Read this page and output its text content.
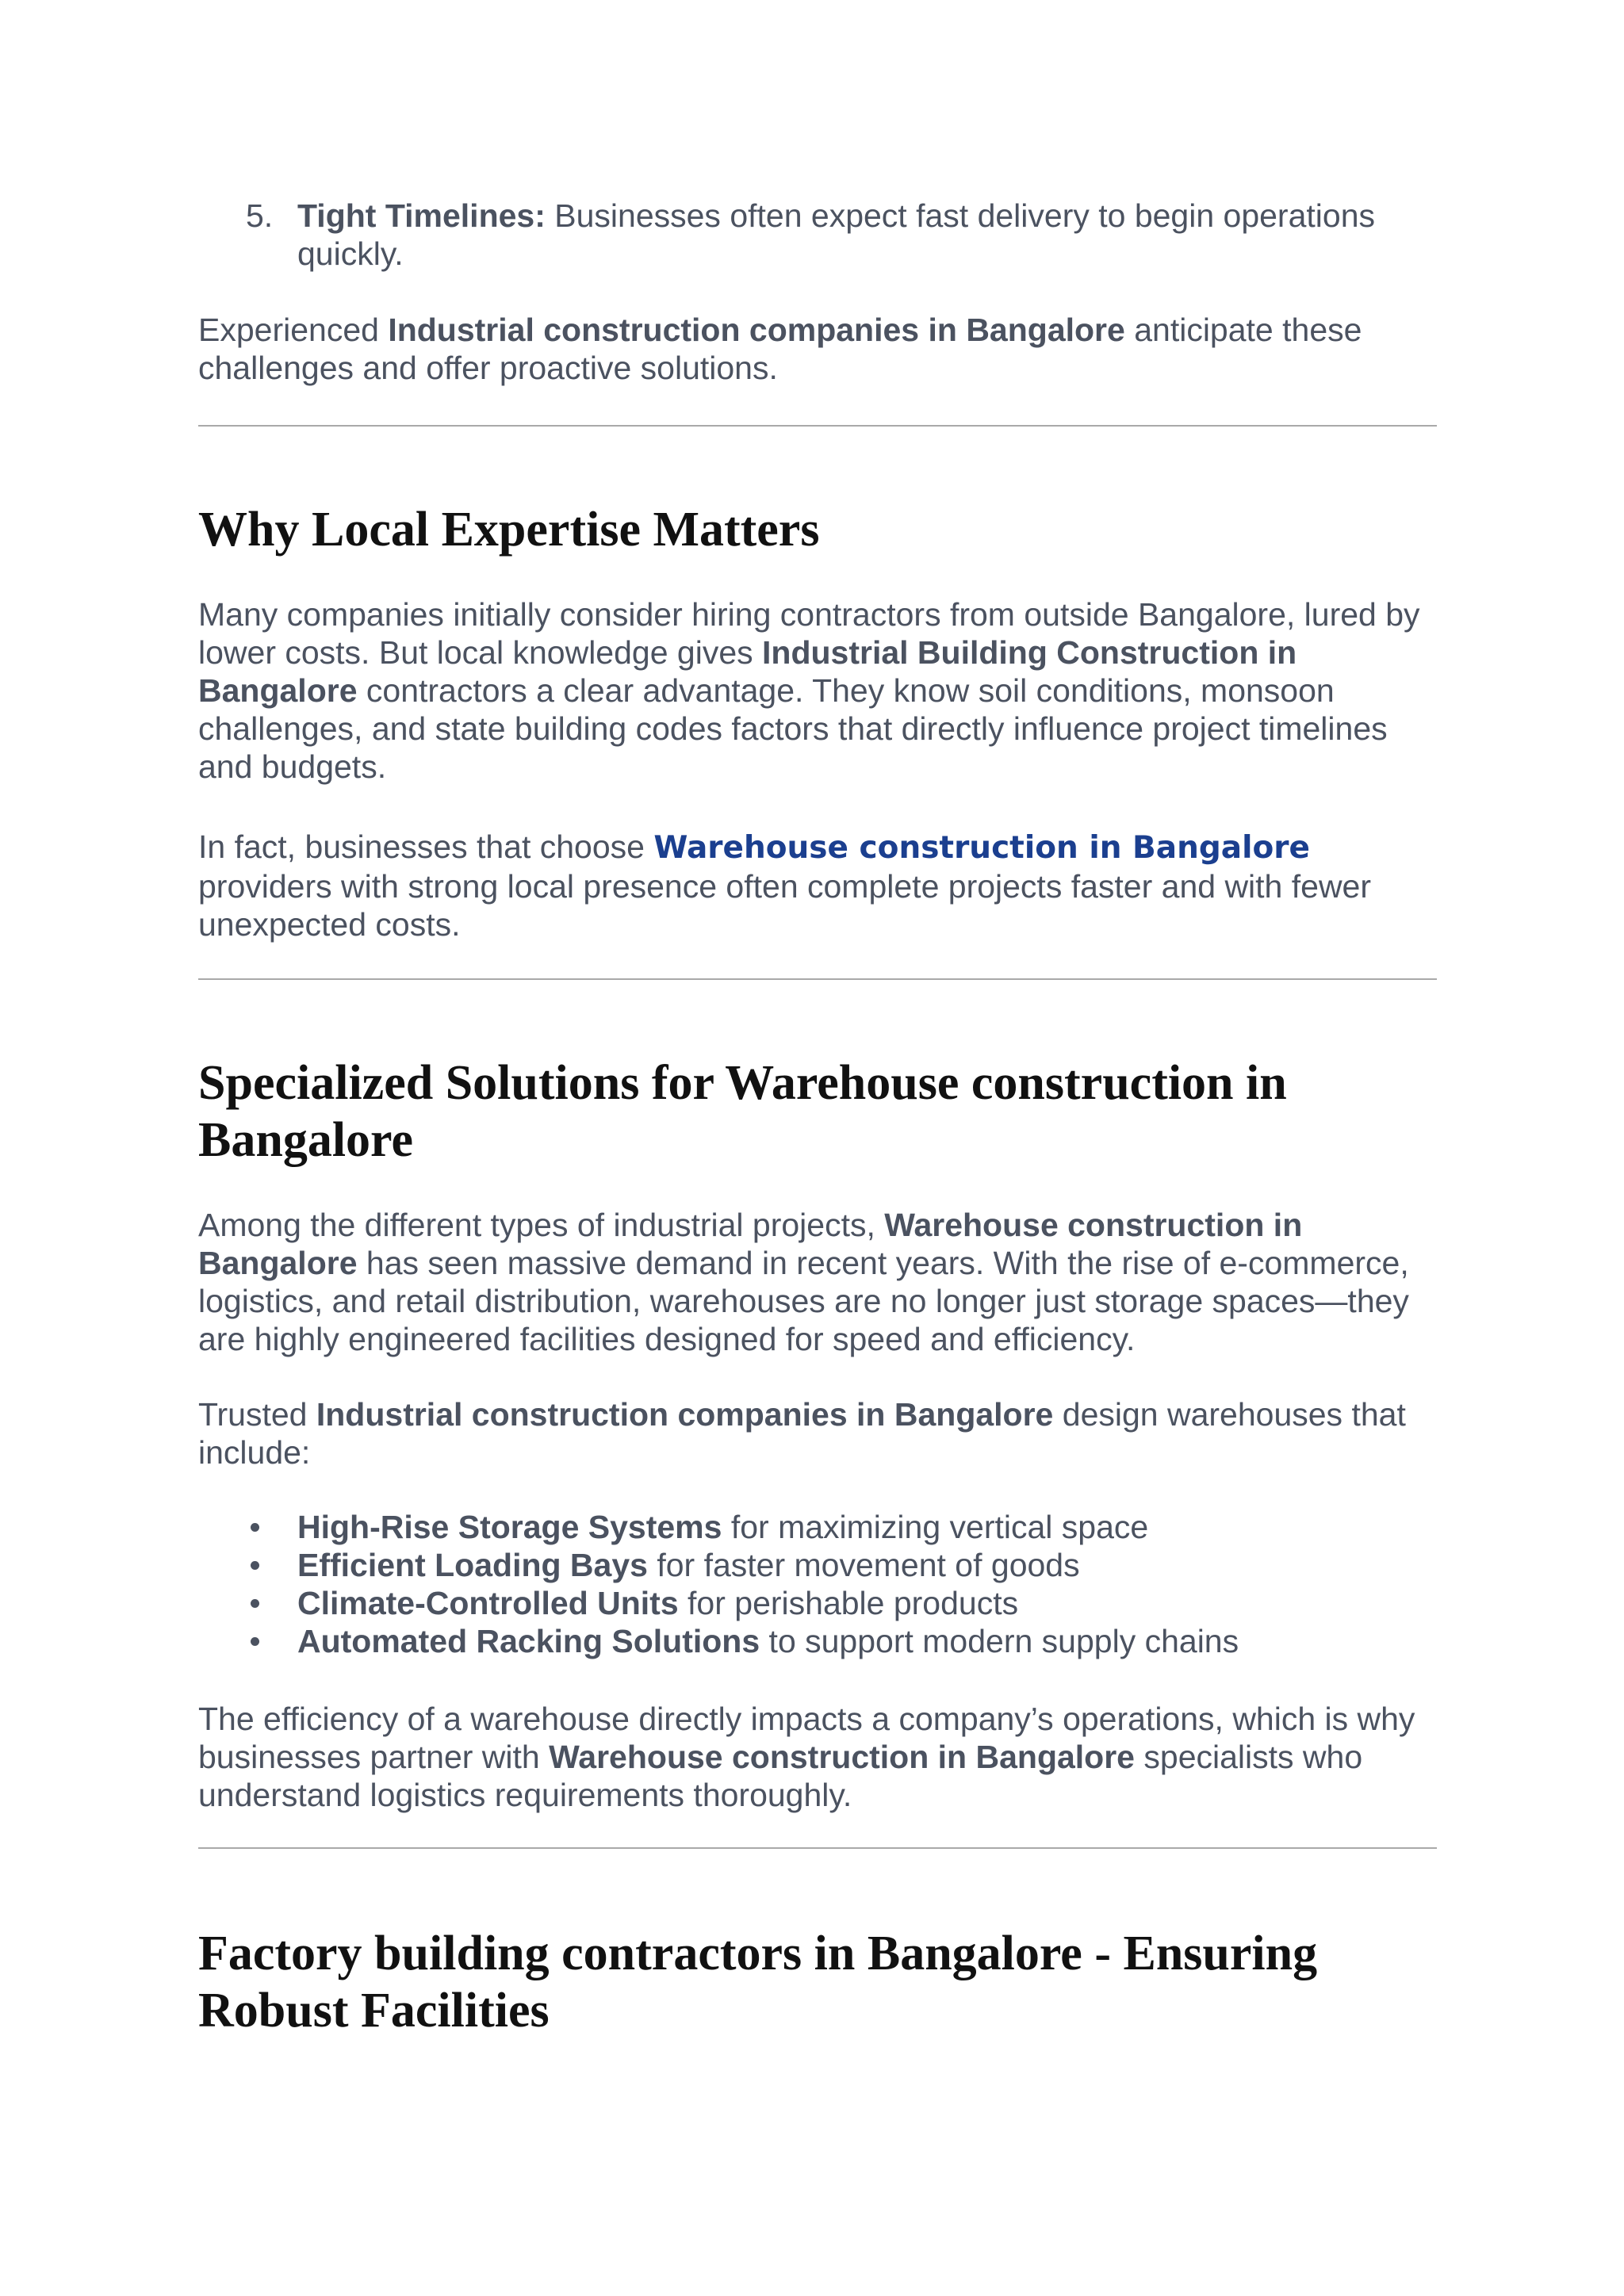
5. Tight Timelines: Businesses often expect fast delivery to begin operations quickly.

Experienced Industrial construction companies in Bangalore anticipate these challenges and offer proactive solutions.

Why Local Expertise Matters

Many companies initially consider hiring contractors from outside Bangalore, lured by lower costs. But local knowledge gives Industrial Building Construction in Bangalore contractors a clear advantage. They know soil conditions, monsoon challenges, and state building codes factors that directly influence project timelines and budgets.

In fact, businesses that choose Warehouse construction in Bangalore providers with strong local presence often complete projects faster and with fewer unexpected costs.

Specialized Solutions for Warehouse construction in Bangalore

Among the different types of industrial projects, Warehouse construction in Bangalore has seen massive demand in recent years. With the rise of e-commerce, logistics, and retail distribution, warehouses are no longer just storage spaces—they are highly engineered facilities designed for speed and efficiency.

Trusted Industrial construction companies in Bangalore design warehouses that include:

High-Rise Storage Systems for maximizing vertical space
Efficient Loading Bays for faster movement of goods
Climate-Controlled Units for perishable products
Automated Racking Solutions to support modern supply chains

The efficiency of a warehouse directly impacts a company’s operations, which is why businesses partner with Warehouse construction in Bangalore specialists who understand logistics requirements thoroughly.

Factory building contractors in Bangalore - Ensuring Robust Facilities
